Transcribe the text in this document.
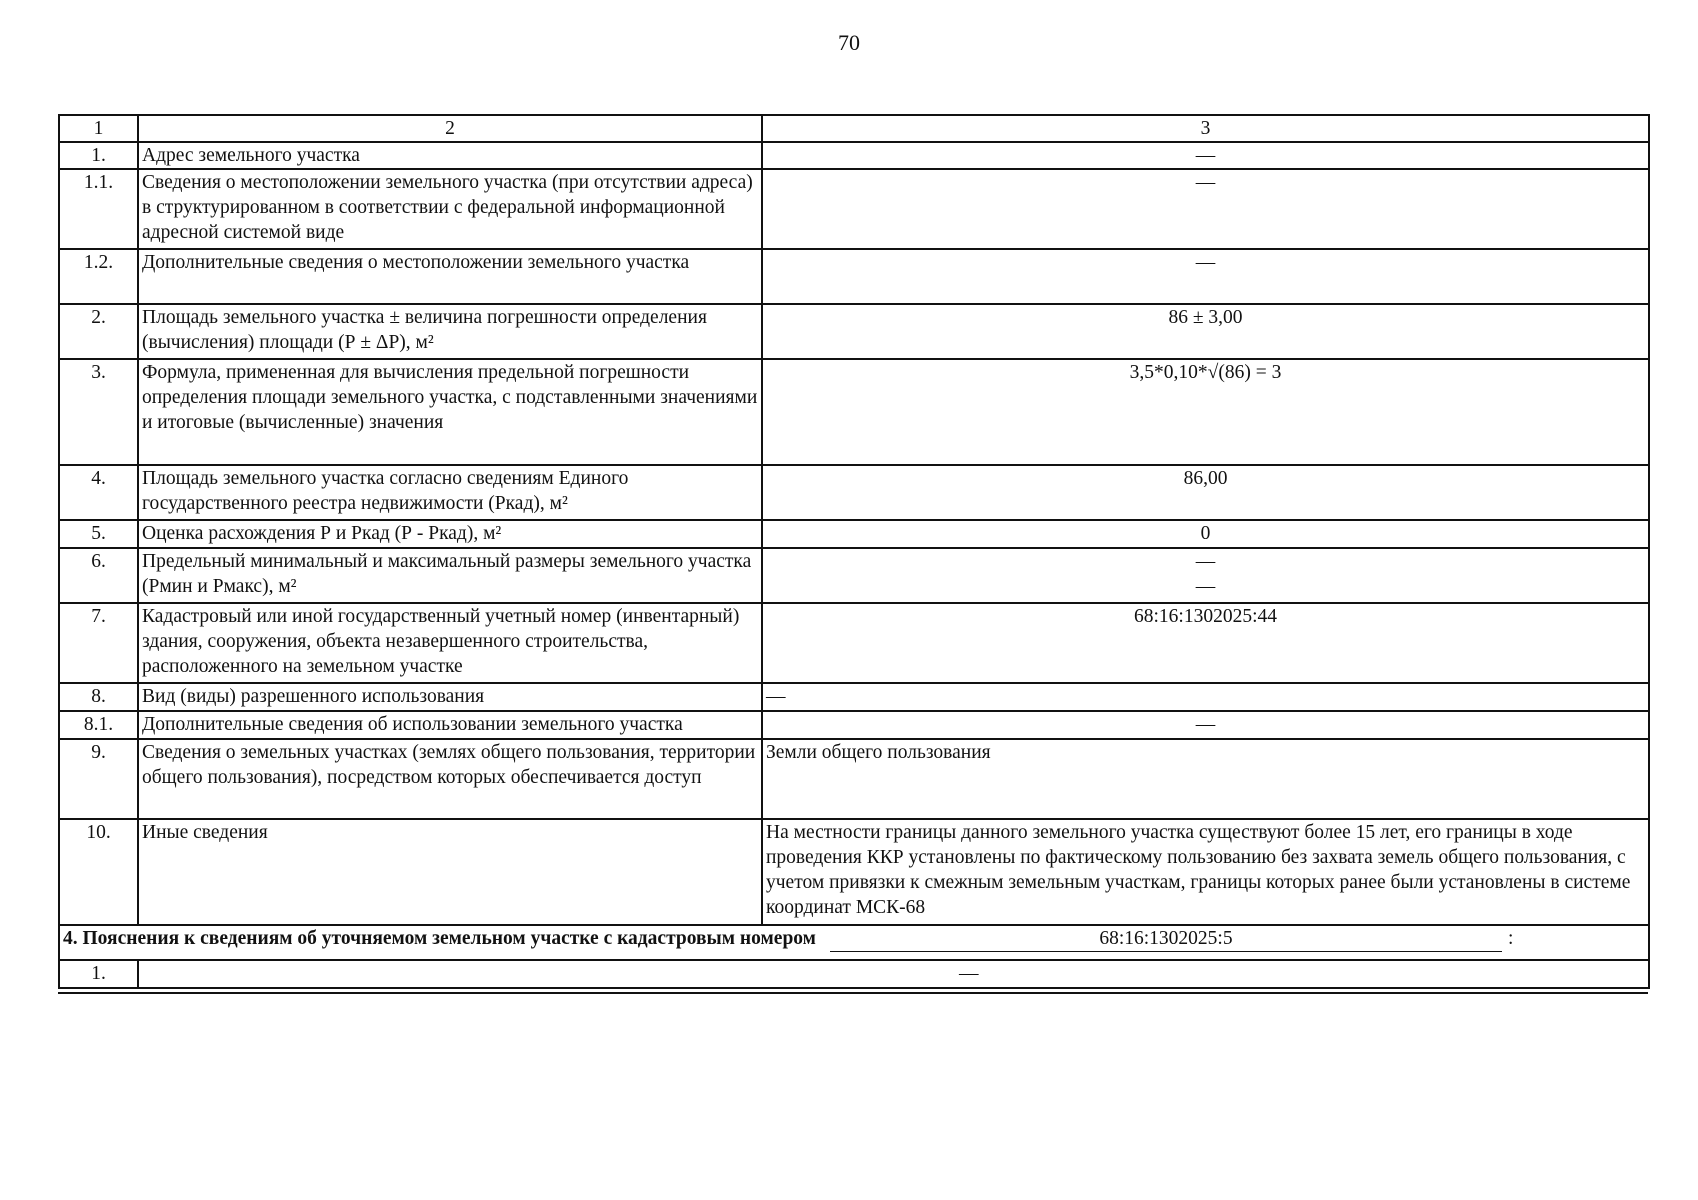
70
1	2	3
1.	Адрес земельного участка	—
1.1.	Сведения о местоположении земельного участка (при отсутствии адреса) в структурированном в соответствии с федеральной информационной адресной системой виде	—
1.2.	Дополнительные сведения о местоположении земельного участка	—
2.	Площадь земельного участка ± величина погрешности определения (вычисления) площади (Р ± ΔР), м²	86 ± 3,00
3.	Формула, примененная для вычисления предельной погрешности определения площади земельного участка, с подставленными значениями и итоговые (вычисленные) значения	3,5*0,10*√(86) = 3
4.	Площадь земельного участка согласно сведениям Единого государственного реестра недвижимости (Ркад), м²	86,00
5.	Оценка расхождения Р и Ркад (Р - Ркад), м²	0
6.	Предельный минимальный и максимальный размеры земельного участка (Рмин и Рмакс), м²	—
—

7.	Кадастровый или иной государственный учетный номер (инвентарный) здания, сооружения, объекта незавершенного строительства, расположенного на земельном участке	68:16:1302025:44
8.	Вид (виды) разрешенного использования	—
8.1.	Дополнительные сведения об использовании земельного участка	—
9.	Сведения о земельных участках (землях общего пользования, территории общего пользования), посредством которых обеспечивается доступ	Земли общего пользования
10.	Иные сведения	На местности границы данного земельного участка существуют более 15 лет, его границы в ходе проведения ККР установлены по фактическому пользованию без захвата земель общего пользования, с учетом привязки к смежным земельным участкам, границы которых ранее были установлены в системе координат МСК-68
4. Пояснения к сведениям об уточняемом земельном участке с кадастровым номером 68:16:1302025:5 :		
1.	—	
